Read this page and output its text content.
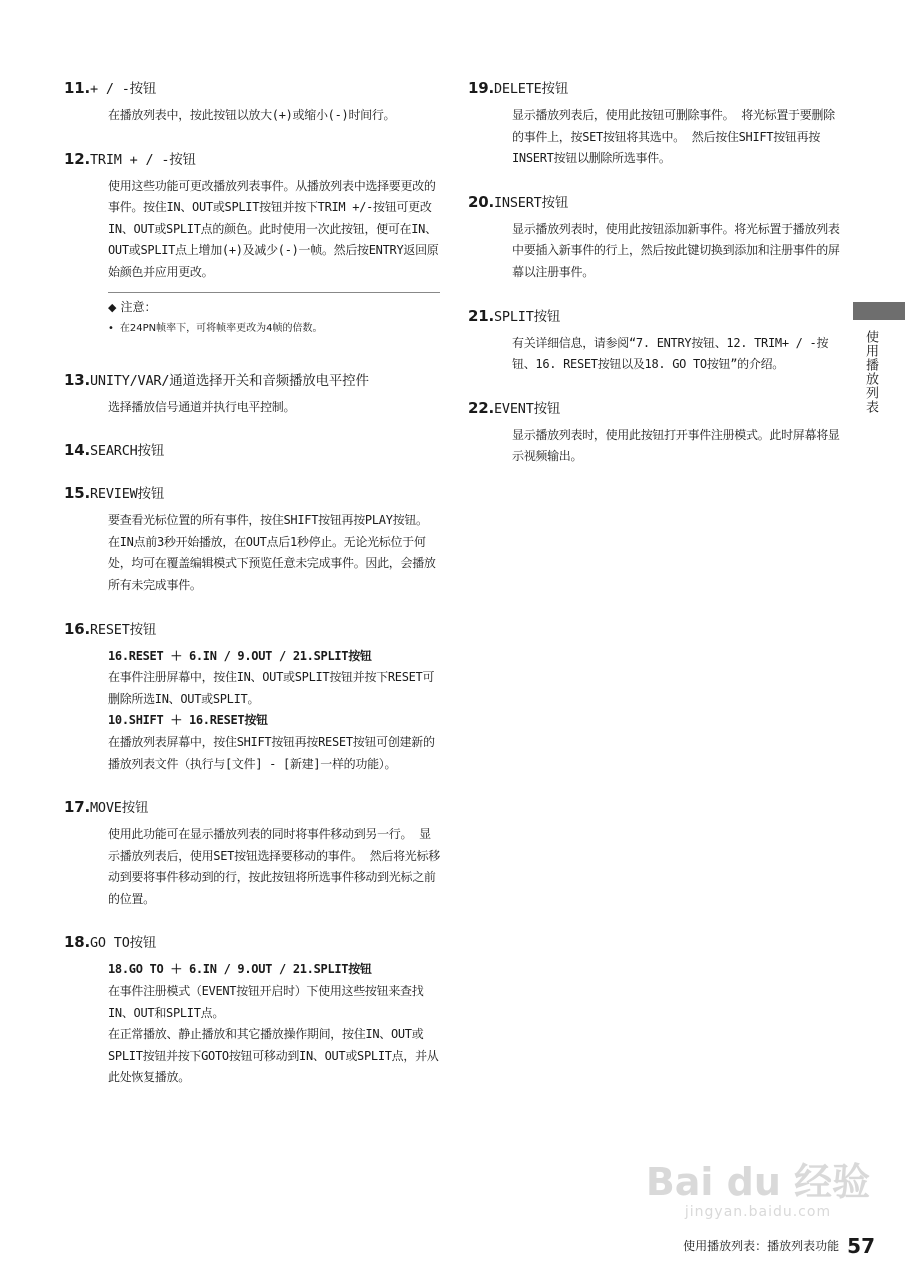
11.+ / -按钮
在播放列表中，按此按钮以放大(+)或缩小(-)时间行。
12.TRIM + / -按钮
使用这些功能可更改播放列表事件。从播放列表中选择要更改的事件。按住IN、OUT或SPLIT按钮并按下TRIM +/-按钮可更改IN、OUT或SPLIT点的颜色。此时使用一次此按钮，便可在IN、OUT或SPLIT点上增加(+)及减少(-)一帧。然后按ENTRY返回原始颜色并应用更改。
◆ 注意：
• 在24PN帧率下，可将帧率更改为4帧的倍数。
13.UNITY/VAR/通道选择开关和音频播放电平控件
选择播放信号通道并执行电平控制。
14.SEARCH按钮
15.REVIEW按钮
要查看光标位置的所有事件，按住SHIFT按钮再按PLAY按钮。 在IN点前3秒开始播放，在OUT点后1秒停止。无论光标位于何处，均可在覆盖编辑模式下预览任意未完成事件。因此，会播放所有未完成事件。
16.RESET按钮
16.RESET ＋ 6.IN / 9.OUT / 21.SPLIT按钮
在事件注册屏幕中，按住IN、OUT或SPLIT按钮并按下RESET可删除所选IN、OUT或SPLIT。
10.SHIFT ＋ 16.RESET按钮
在播放列表屏幕中，按住SHIFT按钮再按RESET按钮可创建新的播放列表文件（执行与[文件] - [新建]一样的功能）。
17.MOVE按钮
使用此功能可在显示播放列表的同时将事件移动到另一行。 显示播放列表后，使用SET按钮选择要移动的事件。 然后将光标移动到要将事件移动到的行，按此按钮将所选事件移动到光标之前的位置。
18.GO TO按钮
18.GO TO ＋ 6.IN / 9.OUT / 21.SPLIT按钮
在事件注册模式（EVENT按钮开启时）下使用这些按钮来查找IN、OUT和SPLIT点。
在正常播放、静止播放和其它播放操作期间，按住IN、OUT或SPLIT按钮并按下GOTO按钮可移动到IN、OUT或SPLIT点，并从此处恢复播放。
19.DELETE按钮
显示播放列表后，使用此按钮可删除事件。 将光标置于要删除的事件上，按SET按钮将其选中。 然后按住SHIFT按钮再按INSERT按钮以删除所选事件。
20.INSERT按钮
显示播放列表时，使用此按钮添加新事件。将光标置于播放列表中要插入新事件的行上，然后按此键切换到添加和注册事件的屏幕以注册事件。
21.SPLIT按钮
有关详细信息，请参阅“7. ENTRY按钮、12. TRIM+ / -按钮、16. RESET按钮以及18. GO TO按钮”的介绍。
22.EVENT按钮
显示播放列表时，使用此按钮打开事件注册模式。此时屏幕将显示视频输出。
使用播放列表
Bai du 经验
jingyan.baidu.com
使用播放列表：播放列表功能 57
